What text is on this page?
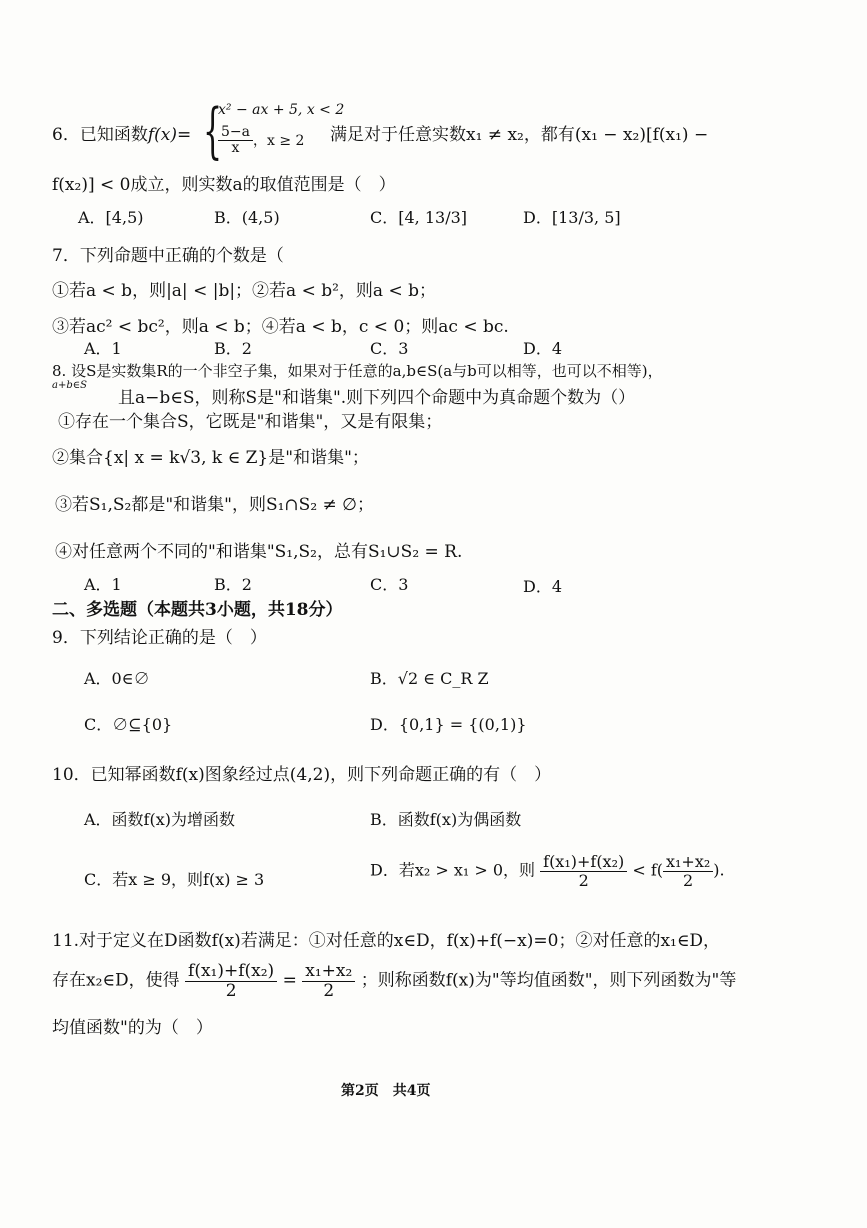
6．已知函数f(x)= {
x² − ax + 5, x < 2
$\frac{5-a}{x}$ ，x ≥ 2 满足对于任意实数x₁ ≠ x₂，都有(x₁ − x₂)[f(x₁) −
f(x₂)] < 0成立，则实数a的取值范围是（　）
A．[4,5)	B．(4,5)	C．[4, 13/3]	D．[13/3, 5]
7．下列命题中正确的个数是（
①若a < b，则|a| < |b|；②若a < b²，则a < b；
③若ac² < bc²，则a < b；④若a < b，c < 0；则ac < bc.
A．1	B．2	C．3	D．4
8. 设S是实数集R的一个非空子集，如果对于任意的a,b∈S(a与b可以相等，也可以不相等)，
a+b∈S
且a−b∈S，则称S是"和谐集".则下列四个命题中为真命题个数为（）
①存在一个集合S，它既是"和谐集"，又是有限集；
②集合{x| x = k√3, k ∈ Z}是"和谐集"；
③若S₁,S₂都是"和谐集"，则S₁∩S₂ ≠ ∅；
④对任意两个不同的"和谐集"S₁,S₂，总有S₁∪S₂ = R.
A．1	B．2	C．3	D．4
二、多选题（本题共3小题，共18分）
9．下列结论正确的是（　）
A．0∈∅	B．√2 ∈ C_R Z
C．∅⊆{0}	D．{0,1} = {(0,1)}
10．已知幂函数f(x)图象经过点(4,2)，则下列命题正确的有（　）
A．函数f(x)为增函数	B．函数f(x)为偶函数
C．若x ≥ 9，则f(x) ≥ 3	D．若x₂ > x₁ > 0，则 $\frac{\text{f(x₁)+f(x₂)}}{2} < f( \frac{\text{x₁+x₂}}{2}$ ).
11.对于定义在D函数f(x)若满足：①对任意的x∈D，f(x)+f(−x)=0；②对任意的x₁∈D，
存在x₂∈D，使得 $\frac{\text{f(x₁)+f(x₂)}}{2} = \frac{\text{x₁+x₂}}{2}$ ；则称函数f(x)为"等均值函数"，则下列函数为"等
均值函数"的为（　）
第2页　共4页
